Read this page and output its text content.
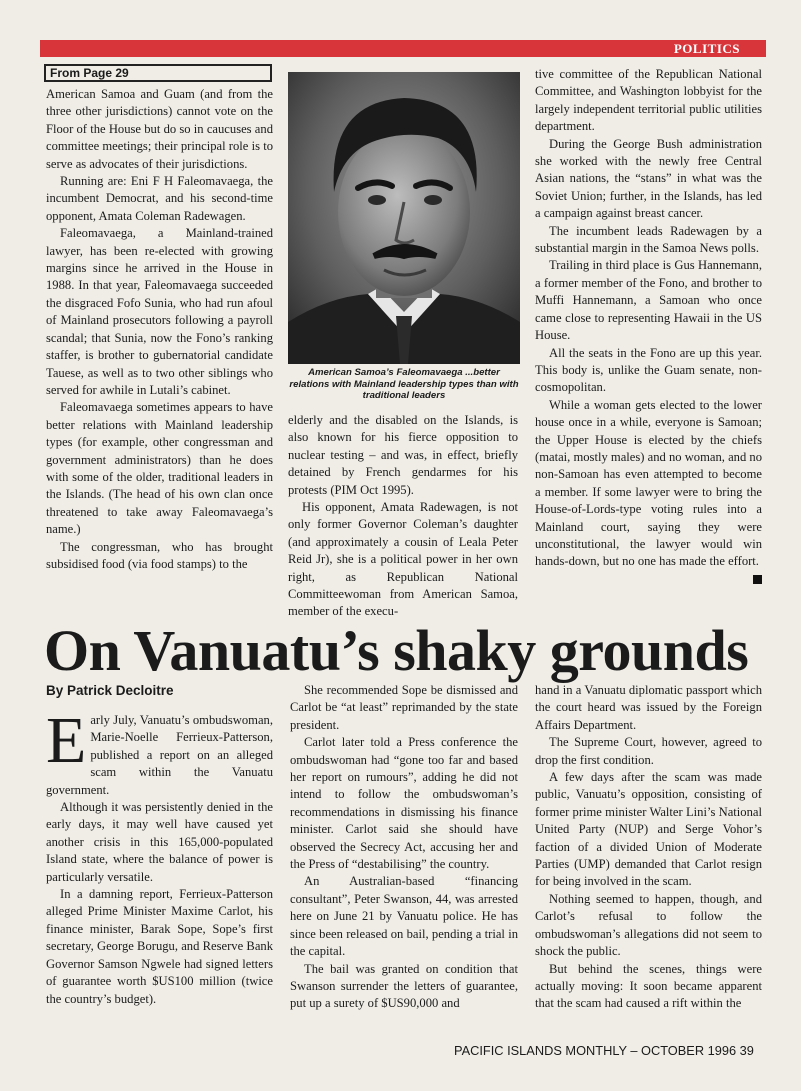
POLITICS
From Page 29

American Samoa and Guam (and from the three other jurisdictions) cannot vote on the Floor of the House but do so in caucuses and committee meetings; their principal role is to serve as advocates of their jurisdictions.

Running are: Eni F H Faleomavaega, the incumbent Democrat, and his second-time opponent, Amata Coleman Radewagen.

Faleomavaega, a Mainland-trained lawyer, has been re-elected with growing margins since he arrived in the House in 1988. In that year, Faleomavaega succeeded the disgraced Fofo Sunia, who had run afoul of Mainland prosecutors following a payroll scandal; that Sunia, now the Fono’s ranking staffer, is brother to gubernatorial candidate Tauese, as well as to two other siblings who served for awhile in Lutali’s cabinet.

Faleomavaega sometimes appears to have better relations with Mainland leadership types (for example, other congressman and government administrators) than he does with some of the older, traditional leaders in the Islands. (The head of his own clan once threatened to take away Faleomavaega’s name.)

The congressman, who has brought subsidised food (via food stamps) to the

American Samoa’s Faleomavaega ...better relations with Mainland leadership types than with traditional leaders

elderly and the disabled on the Islands, is also known for his fierce opposition to nuclear testing – and was, in effect, briefly detained by French gendarmes for his protests (PIM Oct 1995).

His opponent, Amata Radewagen, is not only former Governor Coleman’s daughter (and approximately a cousin of Leala Peter Reid Jr), she is a political power in her own right, as Republican National Committeewoman from American Samoa, member of the execu-

tive committee of the Republican National Committee, and Washington lobbyist for the largely independent territorial public utilities department.

During the George Bush administration she worked with the newly free Central Asian nations, the “stans” in what was the Soviet Union; further, in the Islands, has led a campaign against breast cancer.

The incumbent leads Radewagen by a substantial margin in the Samoa News polls.

Trailing in third place is Gus Hannemann, a former member of the Fono, and brother to Muffi Hannemann, a Samoan who once came close to representing Hawaii in the US House.

All the seats in the Fono are up this year. This body is, unlike the Guam senate, non-cosmopolitan.

While a woman gets elected to the lower house once in a while, everyone is Samoan; the Upper House is elected by the chiefs (matai, mostly males) and no woman, and no non-Samoan has even attempted to become a member. If some lawyer were to bring the House-of-Lords-type voting rules into a Mainland court, saying they were unconstitutional, the lawyer would win hands-down, but no one has made the effort.

On Vanuatu’s shaky grounds
By Patrick Decloitre

Early July, Vanuatu’s ombudswoman, Marie-Noelle Ferrieux-Patterson, published a report on an alleged scam within the Vanuatu government.

Although it was persistently denied in the early days, it may well have caused yet another crisis in this 165,000-populated Island state, where the balance of power is particularly versatile.

In a damning report, Ferrieux-Patterson alleged Prime Minister Maxime Carlot, his finance minister, Barak Sope, Sope’s first secretary, George Borugu, and Reserve Bank Governor Samson Ngwele had signed letters of guarantee worth $US100 million (twice the country’s budget).

She recommended Sope be dismissed and Carlot be “at least” reprimanded by the state president.

Carlot later told a Press conference the ombudswoman had “gone too far and based her report on rumours”, adding he did not intend to follow the ombudswoman’s recommendations in dismissing his finance minister. Carlot said she should have observed the Secrecy Act, accusing her and the Press of “destabilising” the country.

An Australian-based “financing consultant”, Peter Swanson, 44, was arrested here on June 21 by Vanuatu police. He has since been released on bail, pending a trial in the capital.

The bail was granted on condition that Swanson surrender the letters of guarantee, put up a surety of $US90,000 and

hand in a Vanuatu diplomatic passport which the court heard was issued by the Foreign Affairs Department.

The Supreme Court, however, agreed to drop the first condition.

A few days after the scam was made public, Vanuatu’s opposition, consisting of former prime minister Walter Lini’s National United Party (NUP) and Serge Vohor’s faction of a divided Union of Moderate Parties (UMP) demanded that Carlot resign for being involved in the scam.

Nothing seemed to happen, though, and Carlot’s refusal to follow the ombudswoman’s allegations did not seem to shock the public.

But behind the scenes, things were actually moving: It soon became apparent that the scam had caused a rift within the

PACIFIC ISLANDS MONTHLY – OCTOBER 1996 39
